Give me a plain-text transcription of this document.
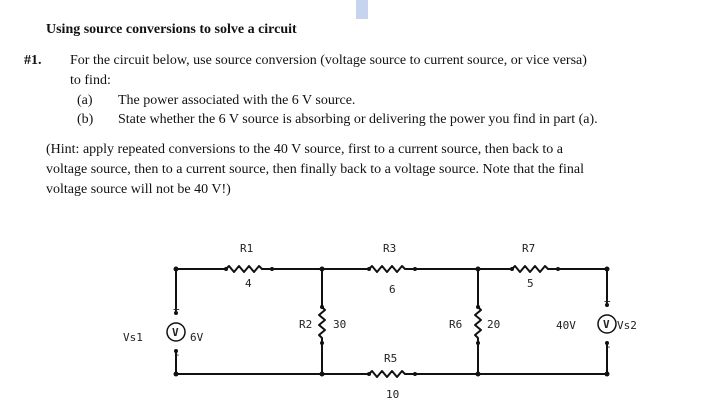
Using source conversions to solve a circuit
#1. For the circuit below, use source conversion (voltage source to current source, or vice versa)
to find:
(a) The power associated with the 6 V source.
(b) State whether the 6 V source is absorbing or delivering the power you find in part (a).
(Hint: apply repeated conversions to the 40 V source, first to a current source, then back to a
voltage source, then to a current source, then finally back to a voltage source. Note that the final
voltage source will not be 40 V!)
R1
4
R3
6
R7
5
R2 30	R6 20
R5
10
Vs1	6V
V
+
-
Vs2
40V V
+
-
